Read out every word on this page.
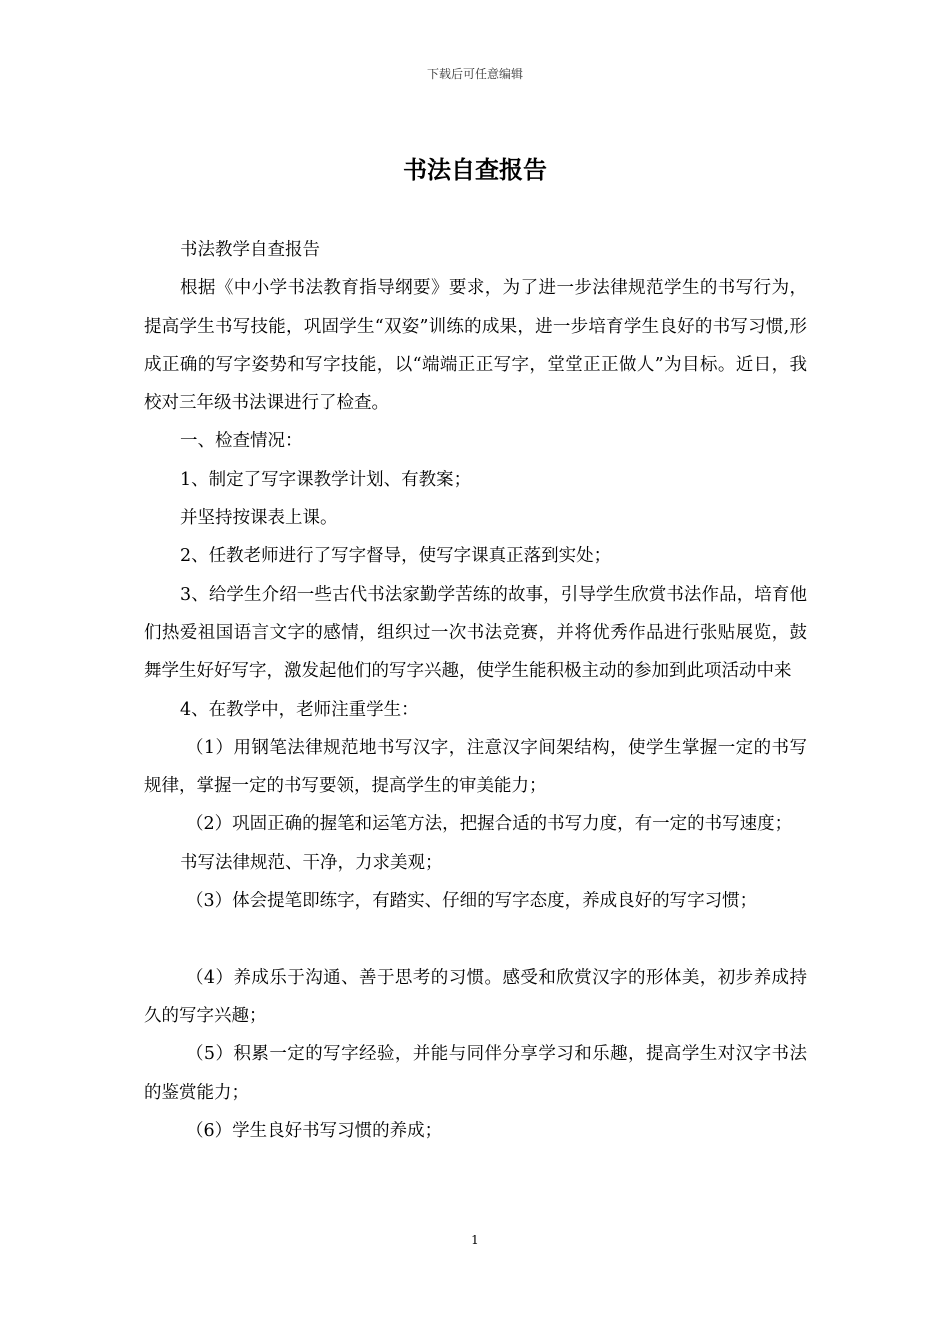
下载后可任意编辑
书法自查报告

书法教学自查报告

根据《中小学书法教育指导纲要》要求，为了进一步法律规范学生的书写行为，提高学生书写技能，巩固学生“双姿”训练的成果，进一步培育学生良好的书写习惯,形成正确的写字姿势和写字技能，以“端端正正写字，堂堂正正做人”为目标。近日，我校对三年级书法课进行了检查。

一、检查情况：

1、制定了写字课教学计划、有教案；

并坚持按课表上课。

2、任教老师进行了写字督导，使写字课真正落到实处；

3、给学生介绍一些古代书法家勤学苦练的故事，引导学生欣赏书法作品，培育他们热爱祖国语言文字的感情，组织过一次书法竞赛，并将优秀作品进行张贴展览，鼓舞学生好好写字，激发起他们的写字兴趣，使学生能积极主动的参加到此项活动中来

4、在教学中，老师注重学生：

（1）用钢笔法律规范地书写汉字，注意汉字间架结构，使学生掌握一定的书写规律，掌握一定的书写要领，提高学生的审美能力；

（2）巩固正确的握笔和运笔方法，把握合适的书写力度，有一定的书写速度；

书写法律规范、干净，力求美观；

（3）体会提笔即练字，有踏实、仔细的写字态度，养成良好的写字习惯；

（4）养成乐于沟通、善于思考的习惯。感受和欣赏汉字的形体美，初步养成持久的写字兴趣；

（5）积累一定的写字经验，并能与同伴分享学习和乐趣，提高学生对汉字书法的鉴赏能力；

（6）学生良好书写习惯的养成；

1
